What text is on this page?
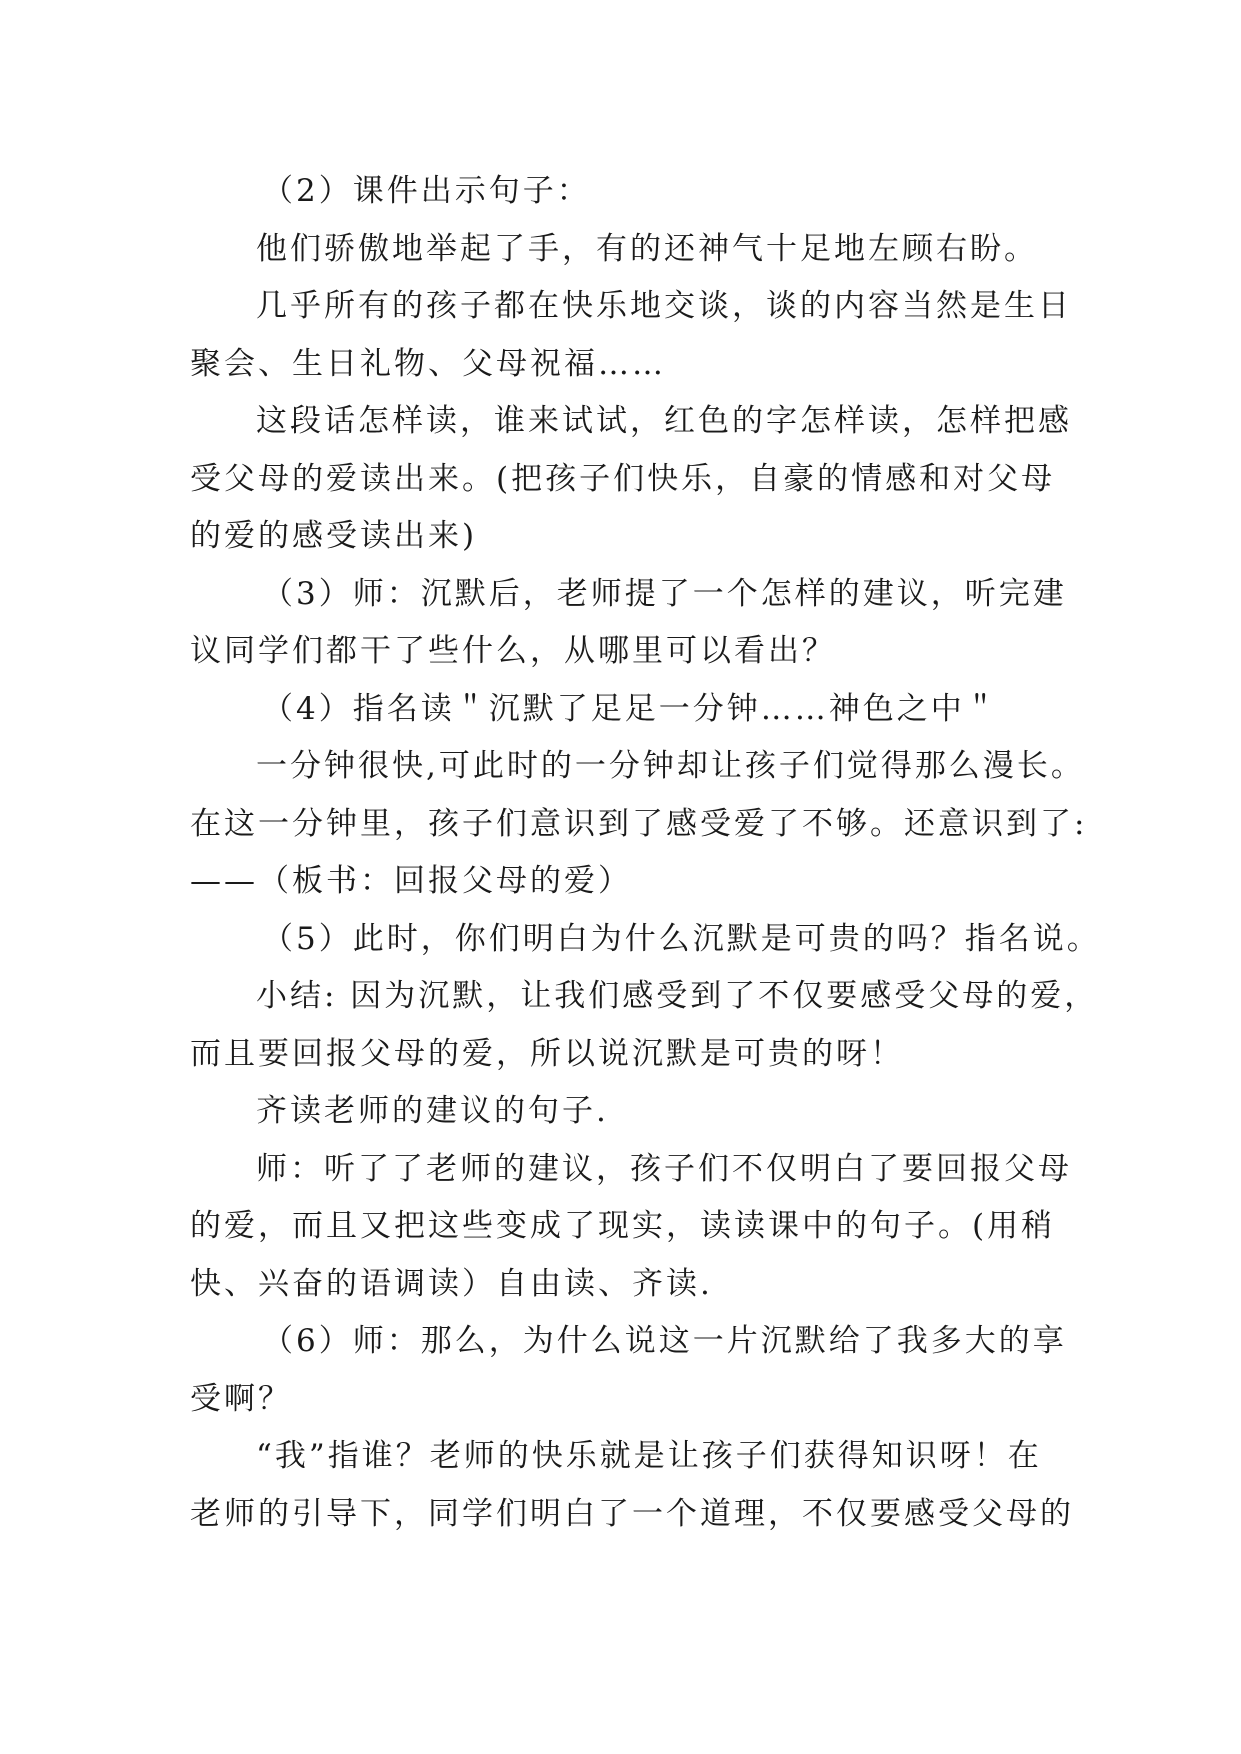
（2）课件出示句子：

他们骄傲地举起了手，有的还神气十足地左顾右盼。

几乎所有的孩子都在快乐地交谈，谈的内容当然是生日

聚会、生日礼物、父母祝福……

这段话怎样读，谁来试试，红色的字怎样读，怎样把感

受父母的爱读出来。(把孩子们快乐，自豪的情感和对父母

的爱的感受读出来)

（3）师：沉默后，老师提了一个怎样的建议，听完建

议同学们都干了些什么，从哪里可以看出？

（4）指名读＂沉默了足足一分钟……神色之中＂

一分钟很快,可此时的一分钟却让孩子们觉得那么漫长。

在这一分钟里，孩子们意识到了感受爱了不够。还意识到了:

——（板书：回报父母的爱）

（5）此时，你们明白为什么沉默是可贵的吗？指名说。

小结: 因为沉默，让我们感受到了不仅要感受父母的爱，

而且要回报父母的爱，所以说沉默是可贵的呀！

齐读老师的建议的句子.

师：听了了老师的建议，孩子们不仅明白了要回报父母

的爱，而且又把这些变成了现实，读读课中的句子。(用稍

快、兴奋的语调读）自由读、齐读.

（6）师：那么，为什么说这一片沉默给了我多大的享

受啊？

“我”指谁？老师的快乐就是让孩子们获得知识呀！在

老师的引导下，同学们明白了一个道理，不仅要感受父母的
